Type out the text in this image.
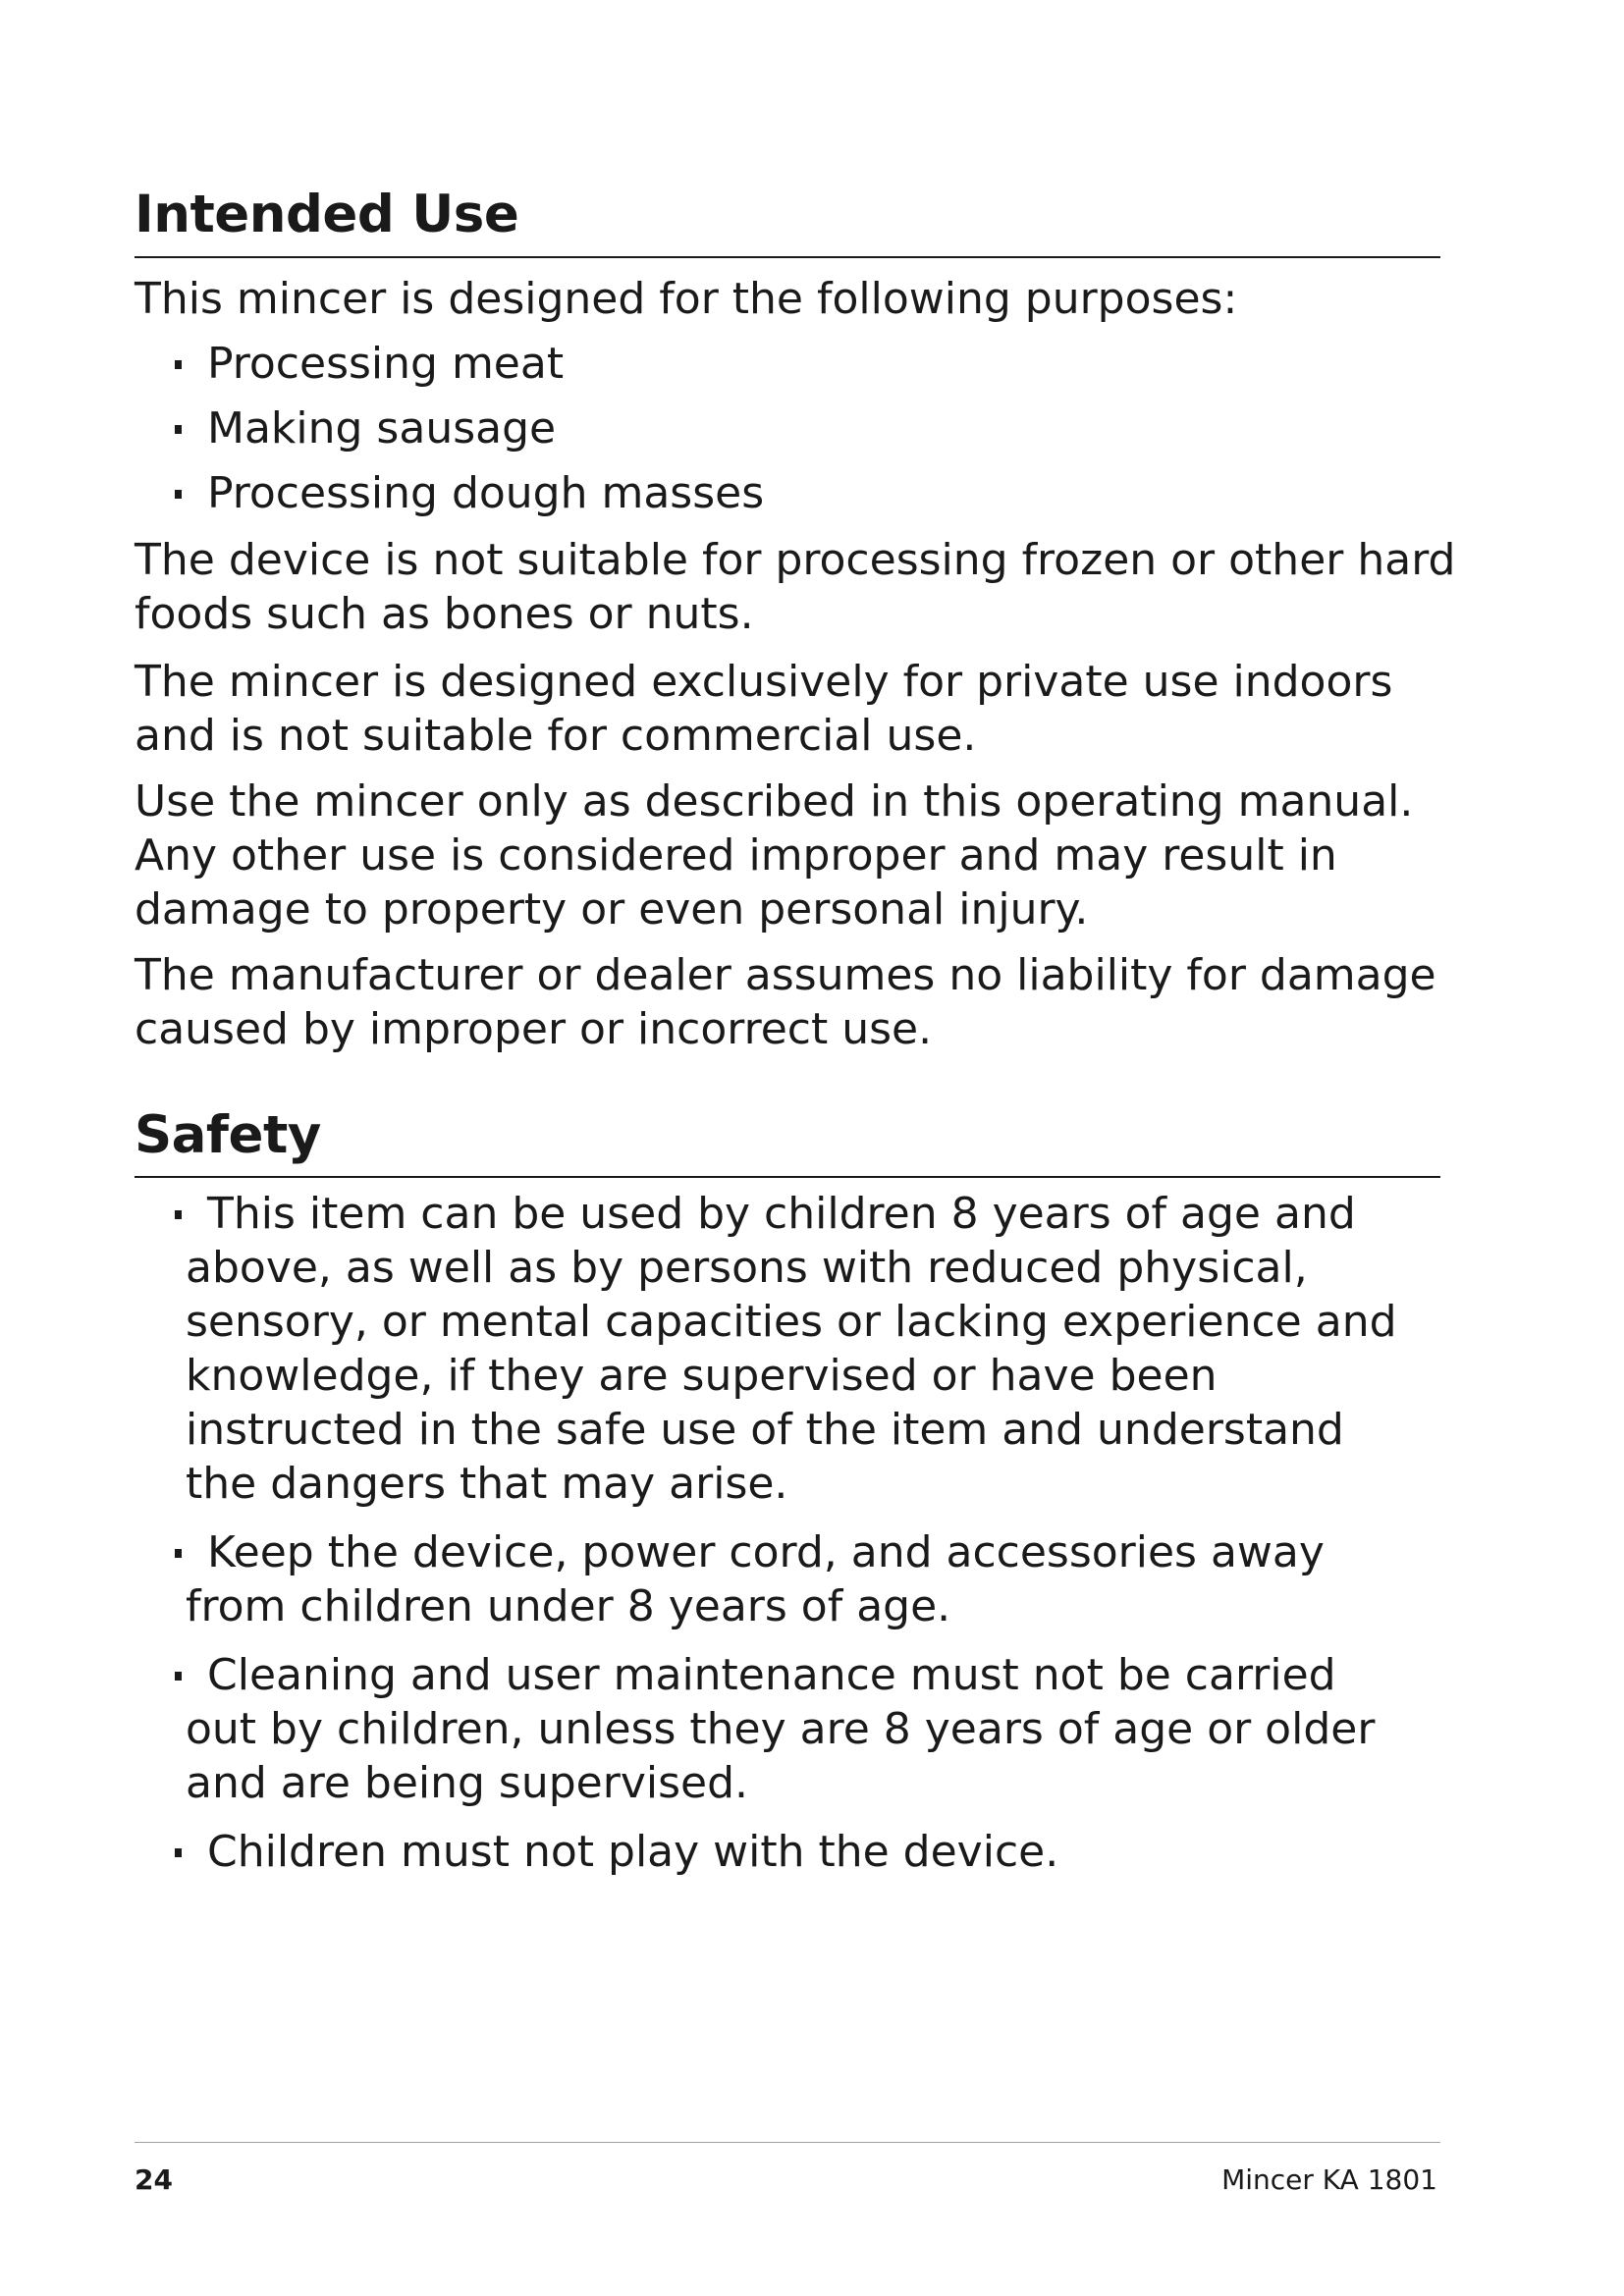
Intended Use

This mincer is designed for the following purposes:

Processing meat
Making sausage
Processing dough masses

The device is not suitable for processing frozen or other hard foods such as bones or nuts.

The mincer is designed exclusively for private use indoors and is not suitable for commercial use.

Use the mincer only as described in this operating manual. Any other use is considered improper and may result in damage to property or even personal injury.

The manufacturer or dealer assumes no liability for damage caused by improper or incorrect use.

Safety
This item can be used by children 8 years of age and above, as well as by persons with reduced physical, sensory, or mental capacities or lacking experience and knowledge, if they are supervised or have been instructed in the safe use of the item and understand the dangers that may arise.
Keep the device, power cord, and accessories away from children under 8 years of age.
Cleaning and user maintenance must not be carried out by children, unless they are 8 years of age or older and are being supervised.
Children must not play with the device.
24	Mincer KA 1801
